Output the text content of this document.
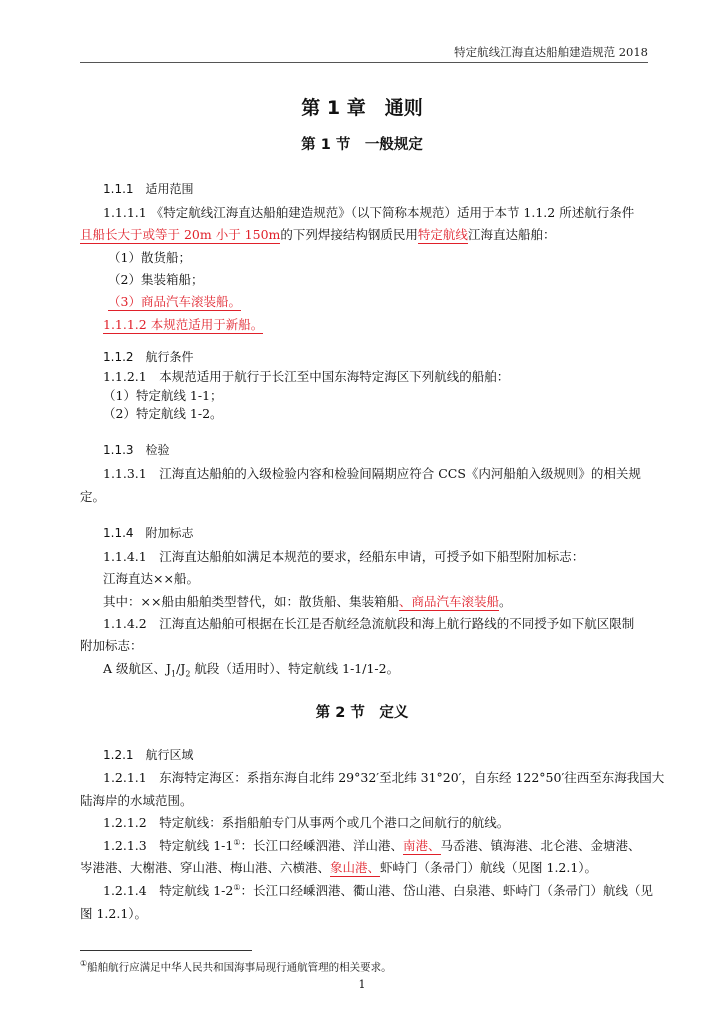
特定航线江海直达船舶建造规范 2018
第 1 章　通则
第 1 节　一般规定
1.1.1　适用范围
1.1.1.1 《特定航线江海直达船舶建造规范》（以下简称本规范）适用于本节 1.1.2 所述航行条件
且船长大于或等于 20m 小于 150m的下列焊接结构钢质民用特定航线江海直达船舶：
（1）散货船；
（2）集装箱船；
（3）商品汽车滚装船。
1.1.1.2 本规范适用于新船。
1.1.2　航行条件
1.1.2.1　本规范适用于航行于长江至中国东海特定海区下列航线的船舶：
（1）特定航线 1-1；
（2）特定航线 1-2。
1.1.3　检验
1.1.3.1　江海直达船舶的入级检验内容和检验间隔期应符合 CCS《内河船舶入级规则》的相关规
定。
1.1.4　附加标志
1.1.4.1　江海直达船舶如满足本规范的要求，经船东申请，可授予如下船型附加标志：
江海直达××船。
其中：××船由船舶类型替代，如：散货船、集装箱船、商品汽车滚装船。
1.1.4.2　江海直达船舶可根据在长江是否航经急流航段和海上航行路线的不同授予如下航区限制
附加标志：
A 级航区、$J_1/J_2$ 航段（适用时）、特定航线 1-1/1-2。
第 2 节　定义
1.2.1　航行区域
1.2.1.1　东海特定海区：系指东海自北纬 29°32′至北纬 31°20′，自东经 122°50′往西至东海我国大
陆海岸的水域范围。
1.2.1.2　特定航线：系指船舶专门从事两个或几个港口之间航行的航线。
1.2.1.3　特定航线 1-1①：长江口经嵊泗港、洋山港、南港、马岙港、镇海港、北仑港、金塘港、
岑港港、大榭港、穿山港、梅山港、六横港、象山港、虾峙门（条帚门）航线（见图 1.2.1）。
1.2.1.4　特定航线 1-2①：长江口经嵊泗港、衢山港、岱山港、白泉港、虾峙门（条帚门）航线（见
图 1.2.1）。
①船舶航行应满足中华人民共和国海事局现行通航管理的相关要求。
1
